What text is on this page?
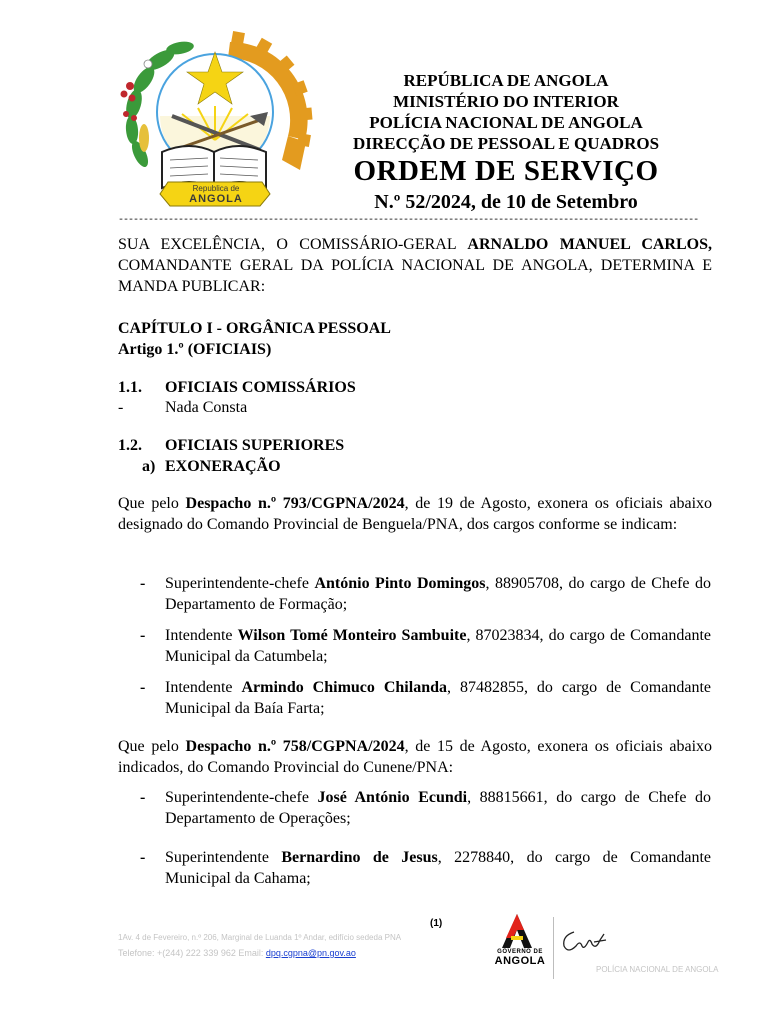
Republica de
ANGOLA
REPÚBLICA DE ANGOLA
MINISTÉRIO DO INTERIOR
POLÍCIA NACIONAL DE ANGOLA
DIRECÇÃO DE PESSOAL E QUADROS
ORDEM DE SERVIÇO
N.º 52/2024, de 10 de Setembro
--------------------------------------------------------------------------------------------------------------------
SUA EXCELÊNCIA, O COMISSÁRIO-GERAL ARNALDO MANUEL CARLOS, COMANDANTE GERAL DA POLÍCIA NACIONAL DE ANGOLA, DETERMINA E MANDA PUBLICAR:
CAPÍTULO I - ORGÂNICA PESSOAL
Artigo 1.º (OFICIAIS)
1.1. OFICIAIS COMISSÁRIOS
-	Nada Consta
1.2. OFICIAIS SUPERIORES
a) EXONERAÇÃO
Que pelo Despacho n.º 793/CGPNA/2024, de 19 de Agosto, exonera os oficiais abaixo designado do Comando Provincial de Benguela/PNA, dos cargos conforme se indicam:
- Superintendente-chefe António Pinto Domingos, 88905708, do cargo de Chefe do Departamento de Formação;
- Intendente Wilson Tomé Monteiro Sambuite, 87023834, do cargo de Comandante Municipal da Catumbela;
- Intendente Armindo Chimuco Chilanda, 87482855, do cargo de Comandante Municipal da Baía Farta;
Que pelo Despacho n.º 758/CGPNA/2024, de 15 de Agosto, exonera os oficiais abaixo indicados, do Comando Provincial do Cunene/PNA:
- Superintendente-chefe José António Ecundi, 88815661, do cargo de Chefe do Departamento de Operações;
- Superintendente Bernardino de Jesus, 2278840, do cargo de Comandante Municipal da Cahama;
(1)
1Av. 4 de Fevereiro, n.º 206, Marginal de Luanda 1º Andar, edifício sededa PNA
Telefone: +(244) 222 339 962 Email: dpq.cgpna@pn.gov.ao	GOVERNO DE
ANGOLA
POLÍCIA NACIONAL DE ANGOLA
